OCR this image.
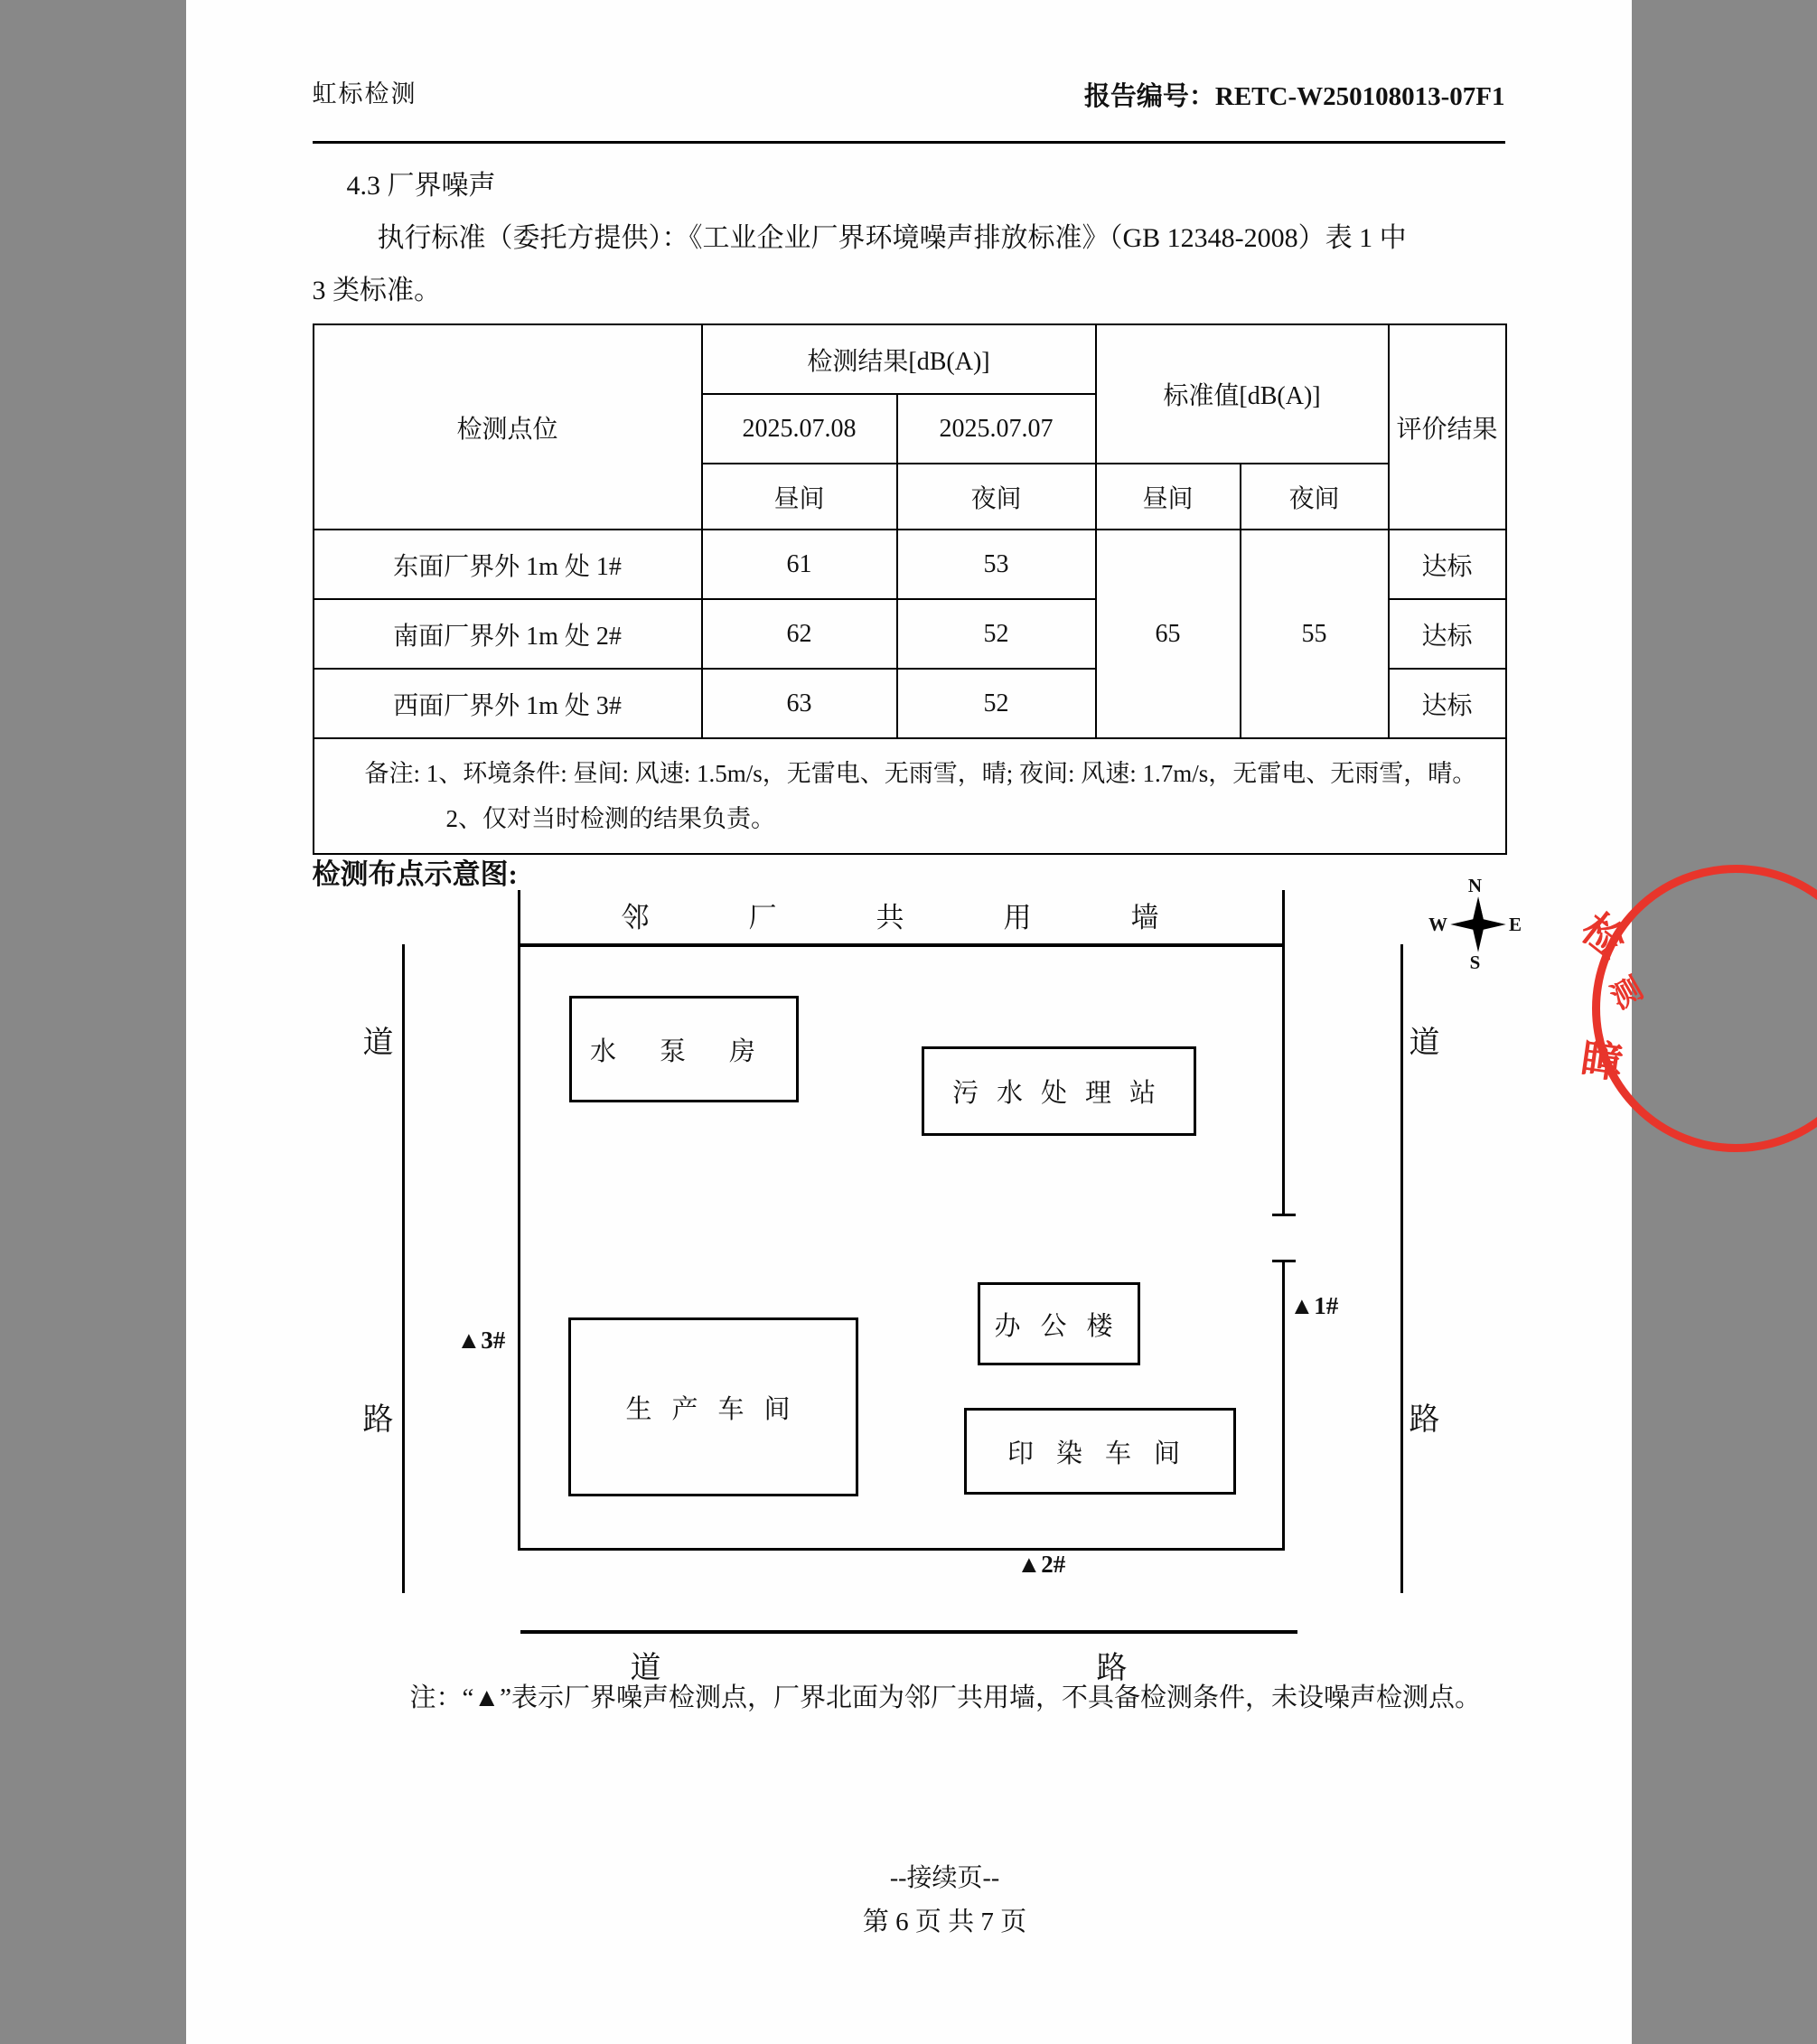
虹标检测	报告编号：RETC-W250108013-07F1
4.3 厂界噪声
执行标准（委托方提供）：《工业企业厂界环境噪声排放标准》（GB 12348-2008）表 1 中
3 类标准。
检测点位	检测结果[dB(A)]		标准值[dB(A)]		评价结果
	2025.07.08	2025.07.07			
	昼间	夜间	昼间	夜间	
东面厂界外 1m 处 1#	61	53	65	55	达标
南面厂界外 1m 处 2#	62	52			达标
西面厂界外 1m 处 3#	63	52			达标

备注: 1、环境条件: 昼间: 风速: 1.5m/s，无雷电、无雨雪，晴; 夜间: 风速: 1.7m/s，无雷电、无雨雪，晴。
2、仅对当时检测的结果负责。					
检测布点示意图:
邻厂共用墙
道
路
道
路
水泵房
污水处理站
办公楼
生产车间
印染车间
▲3#
▲1#
▲2#
道	路
N
W	E
S 检
测
瞕
注：“▲”表示厂界噪声检测点，厂界北面为邻厂共用墙，不具备检测条件，未设噪声检测点。
--接续页--
第 6 页 共 7 页
